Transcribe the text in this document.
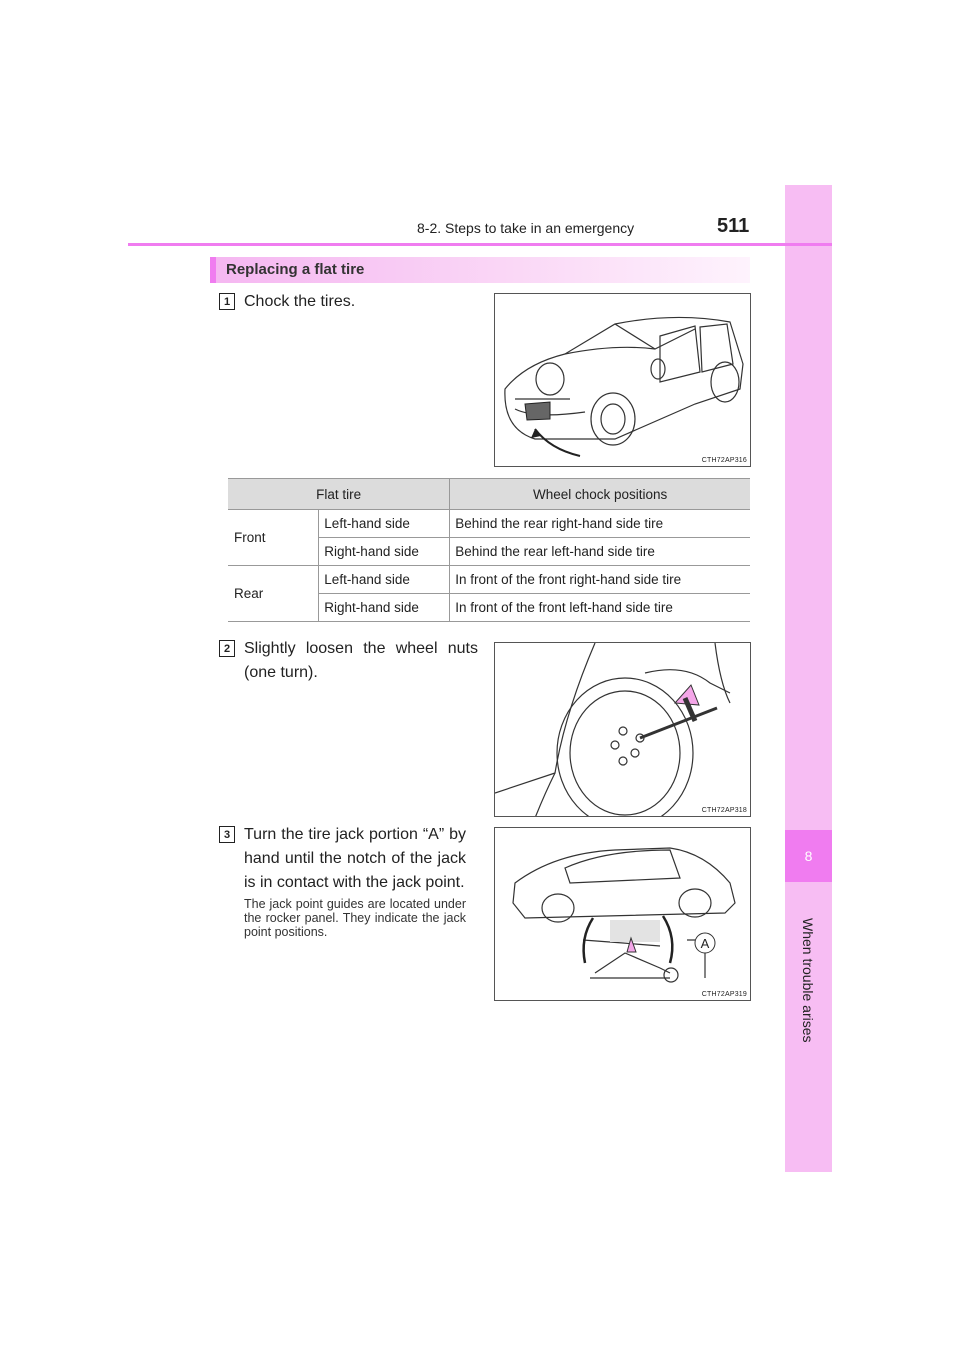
8
When trouble arises
8-2. Steps to take in an emergency	511
Replacing a flat tire
1 Chock the tires.
CTH72AP316
Flat tire		Wheel chock positions
Front	Left-hand side	Behind the rear right-hand side tire
	Right-hand side	Behind the rear left-hand side tire
Rear	Left-hand side	In front of the front right-hand side tire
	Right-hand side	In front of the front left-hand side tire
2 Slightly loosen the wheel nuts (one turn).
CTH72AP318
3 Turn the tire jack portion “A” by hand until the notch of the jack is in contact with the jack point.
The jack point guides are located under the rocker panel. They indicate the jack point positions.
A
CTH72AP319
